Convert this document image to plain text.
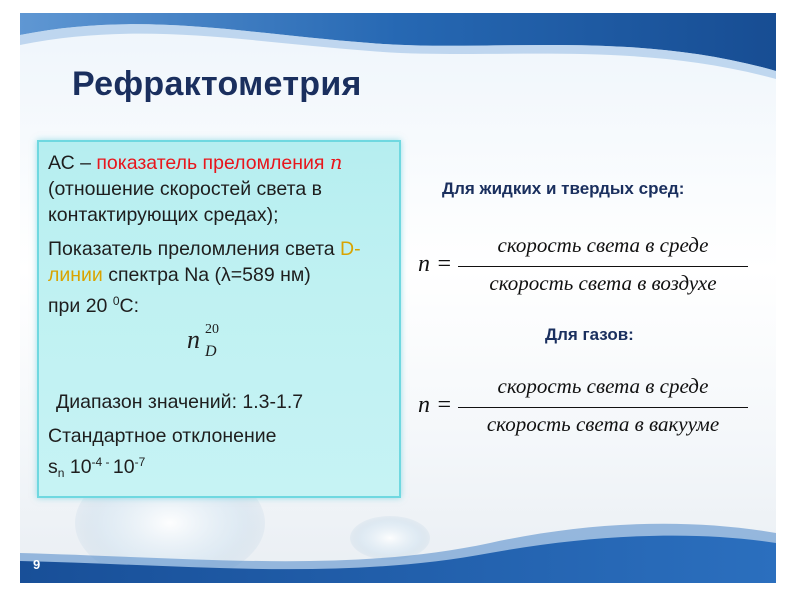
Рефрактометрия

АС – показатель преломления n (отношение скоростей света в контактирующих средах);

Показатель преломления света D-линии спектра Na (λ=589 нм)
при 20 $^0$С:

n 20
D

Диапазон значений: 1.3-1.7

Стандартное отклонение
$s_n$ $10^{-4}$ - $10^{-7}$

Для жидких и твердых сред:
n =
скорость света в среде
скорость света в воздухе
Для газов:
n =
скорость света в среде
скорость света в вакууме

9
